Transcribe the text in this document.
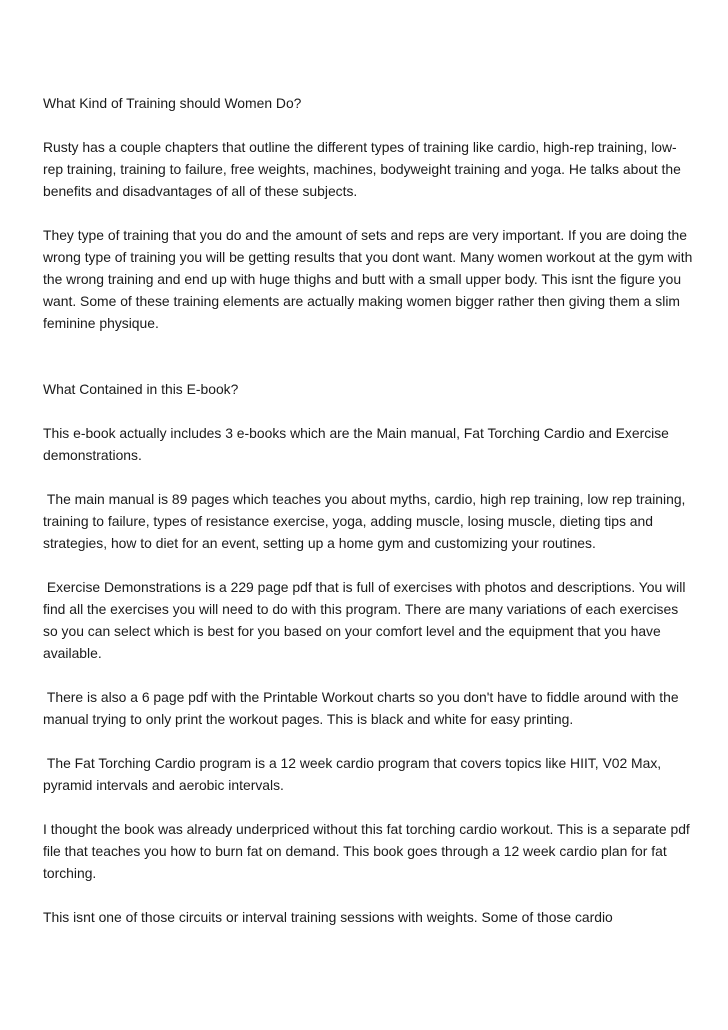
What Kind of Training should Women Do?

Rusty has a couple chapters that outline the different types of training like cardio, high-rep training, low-rep training, training to failure, free weights, machines, bodyweight training and yoga. He talks about the benefits and disadvantages of all of these subjects.

They type of training that you do and the amount of sets and reps are very important. If you are doing the wrong type of training you will be getting results that you dont want. Many women workout at the gym with the wrong training and end up with huge thighs and butt with a small upper body. This isnt the figure you want. Some of these training elements are actually making women bigger rather then giving them a slim feminine physique.

What Contained in this E-book?

This e-book actually includes 3 e-books which are the Main manual, Fat Torching Cardio and Exercise demonstrations.

The main manual is 89 pages which teaches you about myths, cardio, high rep training, low rep training, training to failure, types of resistance exercise, yoga, adding muscle, losing muscle, dieting tips and strategies, how to diet for an event, setting up a home gym and customizing your routines.

Exercise Demonstrations is a 229 page pdf that is full of exercises with photos and descriptions. You will find all the exercises you will need to do with this program. There are many variations of each exercises so you can select which is best for you based on your comfort level and the equipment that you have available.

There is also a 6 page pdf with the Printable Workout charts so you don't have to fiddle around with the manual trying to only print the workout pages. This is black and white for easy printing.

The Fat Torching Cardio program is a 12 week cardio program that covers topics like HIIT, V02 Max, pyramid intervals and aerobic intervals.

I thought the book was already underpriced without this fat torching cardio workout. This is a separate pdf file that teaches you how to burn fat on demand. This book goes through a 12 week cardio plan for fat torching.

This isnt one of those circuits or interval training sessions with weights. Some of those cardio
